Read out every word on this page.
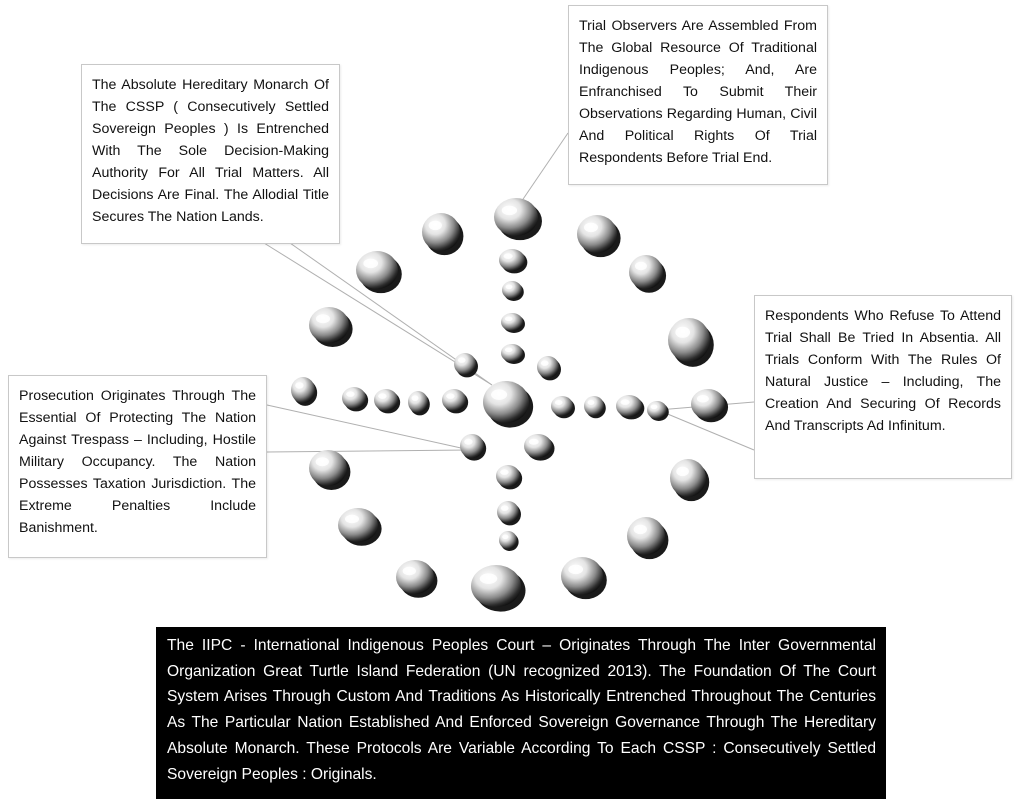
The Absolute Hereditary Monarch Of The CSSP ( Consecutively Settled Sovereign Peoples ) Is Entrenched With The Sole Decision-Making Authority For All Trial Matters. All Decisions Are Final. The Allodial Title Secures The Nation Lands.
Trial Observers Are Assembled From The Global Resource Of Traditional Indigenous Peoples; And, Are Enfranchised To Submit Their Observations Regarding Human, Civil And Political Rights Of Trial Respondents Before Trial End.
Respondents Who Refuse To Attend Trial Shall Be Tried In Absentia. All Trials Conform With The Rules Of Natural Justice – Including, The Creation And Securing Of Records And Transcripts Ad Infinitum.
Prosecution Originates Through The Essential Of Protecting The Nation Against Trespass – Including, Hostile Military Occupancy. The Nation Possesses Taxation Jurisdiction. The Extreme Penalties Include Banishment.
The IIPC - International Indigenous Peoples Court – Originates Through The Inter Governmental Organization Great Turtle Island Federation (UN recognized 2013). The Foundation Of The Court System Arises Through Custom And Traditions As Historically Entrenched Throughout The Centuries As The Particular Nation Established And Enforced Sovereign Governance Through The Hereditary Absolute Monarch. These Protocols Are Variable According To Each CSSP : Consecutively Settled Sovereign Peoples : Originals.
